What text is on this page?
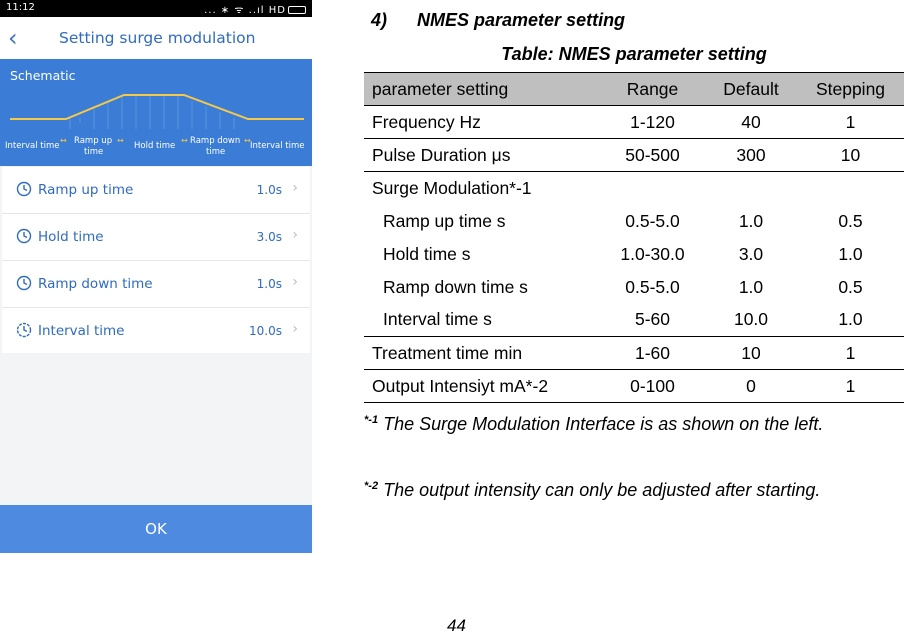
11:12	... ∗ ᯤ ..ıl HD
‹	Setting surge modulation
Schematic
↔	↔	↔	↔
Interval time Ramp up
time
Hold time Ramp down
time
Interval time
Ramp up time	1.0s ›
Hold time	3.0s ›
Ramp down time	1.0s ›
Interval time	10.0s ›
OK
4) NMES parameter setting
Table: NMES parameter setting
parameter setting	Range	Default	Stepping
Frequency Hz	1-120	40	1
Pulse Duration μs	50-500	300	10
Surge Modulation*-1			
Ramp up time s	0.5-5.0	1.0	0.5
Hold time s	1.0-30.0	3.0	1.0
Ramp down time s	0.5-5.0	1.0	0.5
Interval time s	5-60	10.0	1.0
Treatment time min	1-60	10	1
Output Intensiyt mA*-2	0-100	0	1

$^{*-1}$ The Surge Modulation Interface is as shown on the left.

$^{*-2}$ The output intensity can only be adjusted after starting.

44
